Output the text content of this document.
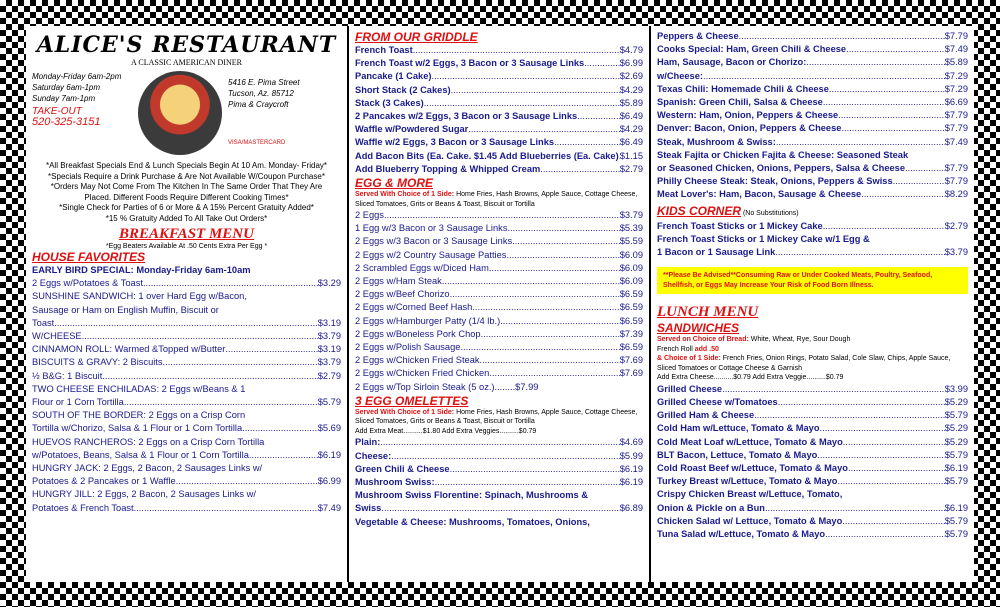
ALICE'S RESTAURANT
A CLASSIC AMERICAN DINER
Monday-Friday 6am-2pm
Saturday 6am-1pm
Sunday 7am-1pm
TAKE-OUT
520-325-3151
5416 E. Pima Street
Tucson, Az. 85712
Pima & Craycroft
VISA/MASTERCARD
*All Breakfast Specials End & Lunch Specials Begin At 10 Am. Monday- Friday*
*Specials Require a Drink Purchase & Are Not Available W/Coupon Purchase*
*Orders May Not Come From The Kitchen In The Same Order That They Are
Placed. Different Foods Require Different Cooking Times*
*Single Check for Parties of 6 or More & A 15% Percent Gratuity Added*
*15 % Gratuity Added To All Take Out Orders*
BREAKFAST MENU
*Egg Beaters Available At .50 Cents Extra Per Egg *
HOUSE FAVORITES
EARLY BIRD SPECIAL: Monday-Friday 6am-10am
2 Eggs w/Potatoes & Toast .....	$3.29
SUNSHINE SANDWICH: 1 over Hard Egg w/Bacon,
Sausage or Ham on English Muffin, Biscuit or
Toast .....	$3.19
W/CHEESE .....	$3.79
CINNAMON ROLL: Warmed &Topped w/Butter .....	$3.19
BISCUITS & GRAVY: 2 Biscuits .....	$3.79
½ B&G: 1 Biscuit .....	$2.79
TWO CHEESE ENCHILADAS: 2 Eggs w/Beans & 1
Flour or 1 Corn Tortilla .....	$5.79
SOUTH OF THE BORDER: 2 Eggs on a Crisp Corn
Tortilla w/Chorizo, Salsa & 1 Flour or 1 Corn Tortilla .....	$5.69
HUEVOS RANCHEROS: 2 Eggs on a Crisp Corn Tortilla
w/Potatoes, Beans, Salsa & 1 Flour or 1 Corn Tortilla .....	$6.19
HUNGRY JACK: 2 Eggs, 2 Bacon, 2 Sausages Links w/
Potatoes & 2 Pancakes or 1 Waffle .....	$6.99
HUNGRY JILL: 2 Eggs, 2 Bacon, 2 Sausages Links w/
Potatoes & French Toast .....	$7.49
FROM OUR GRIDDLE
French Toast .....	$4.79
French Toast w/2 Eggs, 3 Bacon or 3 Sausage Links .....	$6.99
Pancake (1 Cake) .....	$2.69
Short Stack (2 Cakes) .....	$4.29
Stack (3 Cakes) .....	$5.89
2 Pancakes w/2 Eggs, 3 Bacon or 3 Sausage Links .....	$6.49
Waffle w/Powdered Sugar .....	$4.29
Waffle w/2 Eggs, 3 Bacon or 3 Sausage Links .....	$6.49
Add Bacon Bits (Ea. Cake. $1.45 Add Blueberries (Ea. Cake) ..... $1.15
Add Blueberry Topping & Whipped Cream .....	$2.79
EGG & MORE
Served With Choice of 1 Side: Home Fries, Hash Browns, Apple Sauce, Cottage Cheese, Sliced Tomatoes, Grits or Beans & Toast, Biscuit or Tortilla
2 Eggs .....	$3.79
1 Egg w/3 Bacon or 3 Sausage Links .....	$5.39
2 Eggs w/3 Bacon or 3 Sausage Links .....	$5.59
2 Eggs w/2 Country Sausage Patties .....	$6.09
2 Scrambled Eggs w/Diced Ham .....	$6.09
2 Eggs w/Ham Steak .....	$6.09
2 Eggs w/Beef Chorizo .....	$6.59
2 Eggs w/Corned Beef Hash .....	$6.59
2 Eggs w/Hamburger Patty (1/4 lb.) .....	$6.59
2 Eggs w/Boneless Pork Chop .....	$7.39
2 Eggs w/Polish Sausage .....	$6.59
2 Eggs w/Chicken Fried Steak .....	$7.69
2 Eggs w/Chicken Fried Chicken .....	$7.69
2 Eggs w/Top Sirloin Steak (5 oz.)........$7.99
3 EGG OMELETTES
Served With Choice of 1 Side: Home Fries, Hash Browns, Apple Sauce, Cottage Cheese, Sliced Tomatoes, Grits or Beans & Toast, Biscuit or Tortilla
Add Extra Meat..........$1.80 Add Extra Veggies..........$0.79
Plain: .....	$4.69
Cheese: .....	$5.99
Green Chili & Cheese .....	$6.19
Mushroom Swiss: .....	$6.19
Mushroom Swiss Florentine: Spinach, Mushrooms &
Swiss .....	$6.89
Vegetable & Cheese: Mushrooms, Tomatoes, Onions,
Peppers & Cheese .....	$7.79
Cooks Special: Ham, Green Chili & Cheese .....	$7.49
Ham, Sausage, Bacon or Chorizo: .....	$5.89
w/Cheese: .....	$7.29
Texas Chili: Homemade Chili & Cheese .....	$7.29
Spanish: Green Chili, Salsa & Cheese .....	$6.69
Western: Ham, Onion, Peppers & Cheese .....	$7.79
Denver: Bacon, Onion, Peppers & Cheese .....	$7.79
Steak, Mushroom & Swiss: .....	$7.49
Steak Fajita or Chicken Fajita & Cheese: Seasoned Steak
or Seasoned Chicken, Onions, Peppers, Salsa & Cheese .....	$7.79
Philly Cheese Steak: Steak, Onions, Peppers & Swiss .....	$7.79
Meat Lover's: Ham, Bacon, Sausage & Cheese .....	$8.29
KIDS CORNER (No Substitutions)
French Toast Sticks or 1 Mickey Cake .....	$2.79
French Toast Sticks or 1 Mickey Cake w/1 Egg &
1 Bacon or 1 Sausage Link .....	$3.79
**Please Be Advised**Consuming Raw or Under Cooked Meats, Poultry, Seafood, Shellfish, or Eggs May Increase Your Risk of Food Born Illness.
LUNCH MENU
SANDWICHES
Served on Choice of Bread: White, Wheat, Rye, Sour Dough
French Roll add .50
& Choice of 1 Side: French Fries, Onion Rings, Potato Salad, Cole Slaw, Chips, Apple Sauce, Sliced Tomatoes or Cottage Cheese & Garnish
Add Extra Cheese..........$0.79 Add Extra Veggie..........$0.79
Grilled Cheese .....	$3.99
Grilled Cheese w/Tomatoes .....	$5.29
Grilled Ham & Cheese .....	$5.79
Cold Ham w/Lettuce, Tomato & Mayo .....	$5.29
Cold Meat Loaf w/Lettuce, Tomato & Mayo .....	$5.29
BLT Bacon, Lettuce, Tomato & Mayo .....	$5.79
Cold Roast Beef w/Lettuce, Tomato & Mayo .....	$6.19
Turkey Breast w/Lettuce, Tomato & Mayo .....	$5.79
Crispy Chicken Breast w/Lettuce, Tomato,
Onion & Pickle on a Bun .....	$6.19
Chicken Salad w/ Lettuce, Tomato & Mayo .....	$5.79
Tuna Salad w/Lettuce, Tomato & Mayo .....	$5.79
